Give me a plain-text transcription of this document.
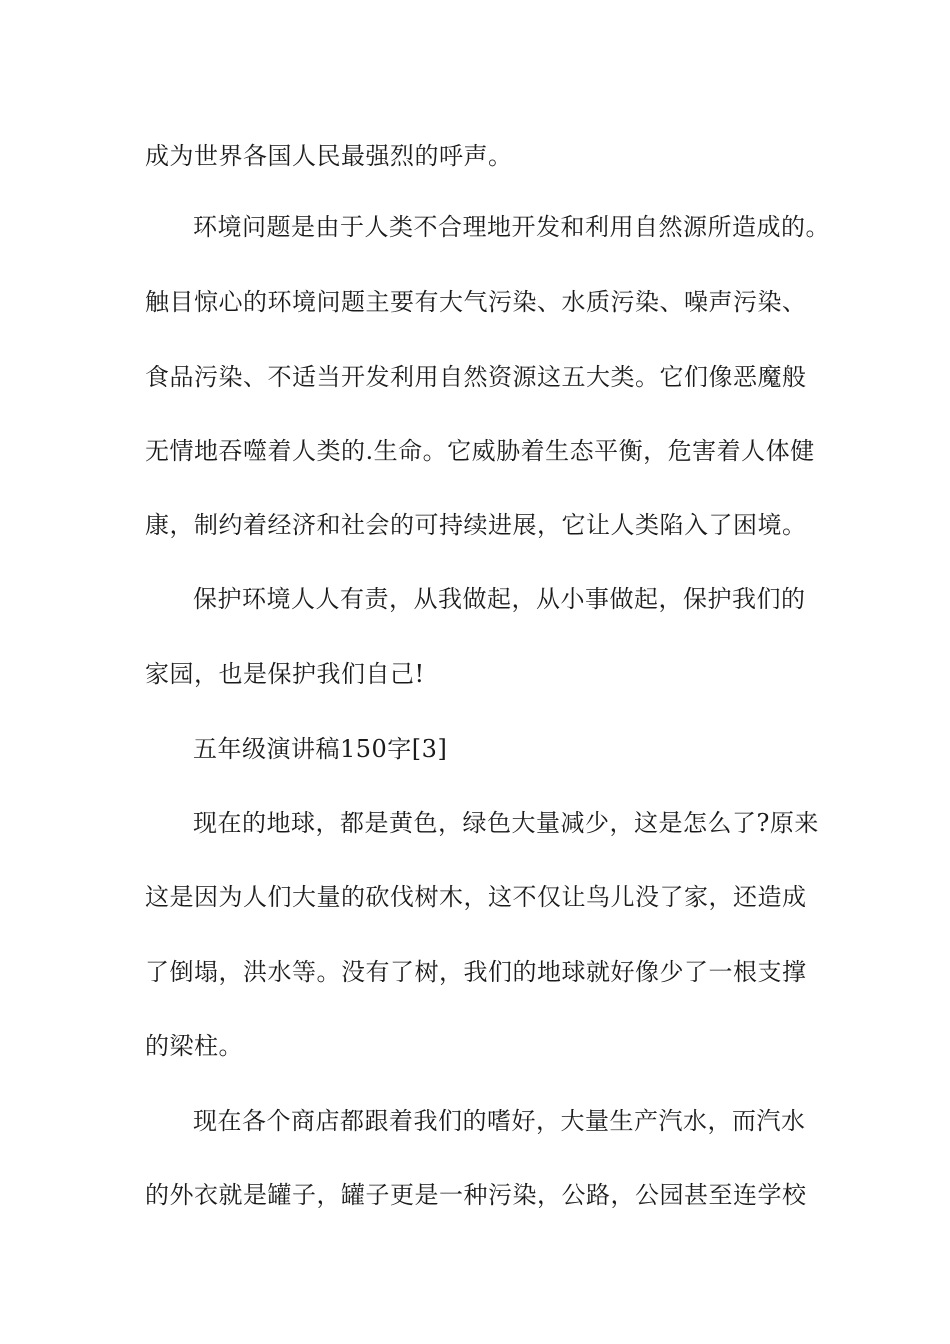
成为世界各国人民最强烈的呼声。
环境问题是由于人类不合理地开发和利用自然源所造成的。
触目惊心的环境问题主要有大气污染、水质污染、噪声污染、
食品污染、不适当开发利用自然资源这五大类。它们像恶魔般
无情地吞噬着人类的.生命。它威胁着生态平衡，危害着人体健
康，制约着经济和社会的可持续进展，它让人类陷入了困境。
保护环境人人有责，从我做起，从小事做起，保护我们的
家园，也是保护我们自己!
五年级演讲稿150字[3]
现在的地球，都是黄色，绿色大量减少，这是怎么了?原来
这是因为人们大量的砍伐树木，这不仅让鸟儿没了家，还造成
了倒塌，洪水等。没有了树，我们的地球就好像少了一根支撑
的梁柱。
现在各个商店都跟着我们的嗜好，大量生产汽水，而汽水
的外衣就是罐子，罐子更是一种污染，公路，公园甚至连学校
